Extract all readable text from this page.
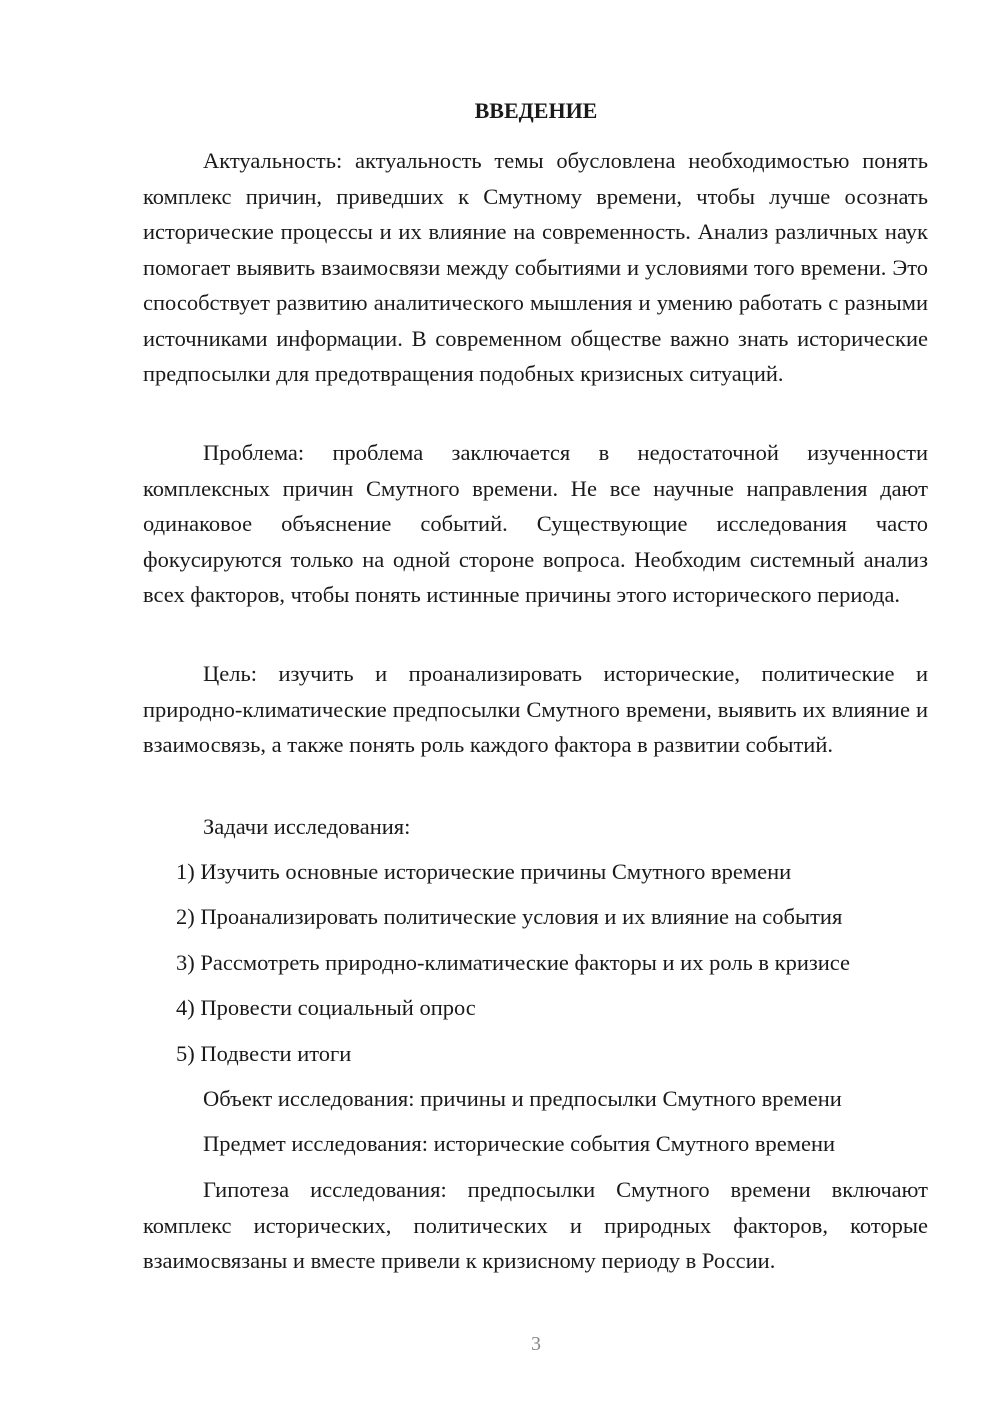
ВВЕДЕНИЕ

Актуальность: актуальность темы обусловлена необходимостью понять комплекс причин, приведших к Смутному времени, чтобы лучше осознать исторические процессы и их влияние на современность. Анализ различных наук помогает выявить взаимосвязи между событиями и условиями того времени. Это способствует развитию аналитического мышления и умению работать с разными источниками информации. В современном обществе важно знать исторические предпосылки для предотвращения подобных кризисных ситуаций.

Проблема: проблема заключается в недостаточной изученности комплексных причин Смутного времени. Не все научные направления дают одинаковое объяснение событий. Существующие исследования часто фокусируются только на одной стороне вопроса. Необходим системный анализ всех факторов, чтобы понять истинные причины этого исторического периода.

Цель: изучить и проанализировать исторические, политические и природно-климатические предпосылки Смутного времени, выявить их влияние и взаимосвязь, а также понять роль каждого фактора в развитии событий.

Задачи исследования:

1) Изучить основные исторические причины Смутного времени

2) Проанализировать политические условия и их влияние на события

3) Рассмотреть природно-климатические факторы и их роль в кризисе

4) Провести социальный опрос

5) Подвести итоги

Объект исследования: причины и предпосылки Смутного времени

Предмет исследования: исторические события Смутного времени

Гипотеза исследования: предпосылки Смутного времени включают комплекс исторических, политических и природных факторов, которые взаимосвязаны и вместе привели к кризисному периоду в России.

3
